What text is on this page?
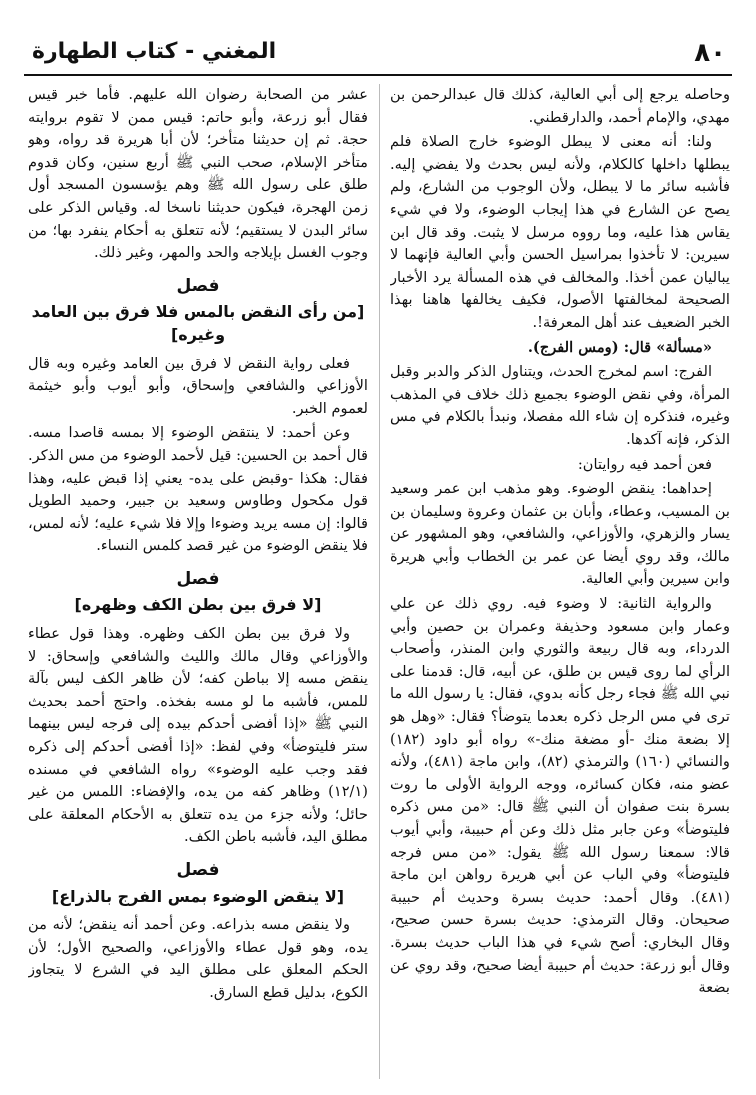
٨٠
المغني - كتاب الطهارة

وحاصله يرجع إلى أبي العالية، كذلك قال عبدالرحمن بن مهدي، والإمام أحمد، والدارقطني.

ولنا: أنه معنى لا يبطل الوضوء خارج الصلاة فلم يبطلها داخلها كالكلام، ولأنه ليس بحدث ولا يفضي إليه. فأشبه سائر ما لا يبطل، ولأن الوجوب من الشارع، ولم يصح عن الشارع في هذا إيجاب الوضوء، ولا في شيء يقاس هذا عليه، وما رووه مرسل لا يثبت. وقد قال ابن سيرين: لا تأخذوا بمراسيل الحسن وأبي العالية فإنهما لا يباليان عمن أخذا. والمخالف في هذه المسألة يرد الأخبار الصحيحة لمخالفتها الأصول، فكيف يخالفها هاهنا بهذا الخبر الضعيف عند أهل المعرفة!.

«مسألة» قال: (ومس الفرج).

الفرج: اسم لمخرج الحدث، ويتناول الذكر والدبر وقبل المرأة، وفي نقض الوضوء بجميع ذلك خلاف في المذهب وغيره، فنذكره إن شاء الله مفصلا، ونبدأ بالكلام في مس الذكر، فإنه آكدها.

فعن أحمد فيه روايتان:

إحداهما: ينقض الوضوء. وهو مذهب ابن عمر وسعيد بن المسيب، وعطاء، وأبان بن عثمان وعروة وسليمان بن يسار والزهري، والأوزاعي، والشافعي، وهو المشهور عن مالك، وقد روي أيضا عن عمر بن الخطاب وأبي هريرة وابن سيرين وأبي العالية.

والرواية الثانية: لا وضوء فيه. روي ذلك عن علي وعمار وابن مسعود وحذيفة وعمران بن حصين وأبي الدرداء، وبه قال ربيعة والثوري وابن المنذر، وأصحاب الرأي لما روى قيس بن طلق، عن أبيه، قال: قدمنا على نبي الله ﷺ فجاء رجل كأنه بدوي، فقال: يا رسول الله ما ترى في مس الرجل ذكره بعدما يتوضأ؟ فقال: «وهل هو إلا بضعة منك -أو مضغة منك-» رواه أبو داود (١٨٢) والنسائي (١٦٠) والترمذي (٨٢)، وابن ماجة (٤٨١)، ولأنه عضو منه، فكان كسائره، ووجه الرواية الأولى ما روت بسرة بنت صفوان أن النبي ﷺ قال: «من مس ذكره فليتوضأ» وعن جابر مثل ذلك وعن أم حبيبة، وأبي أيوب قالا: سمعنا رسول الله ﷺ يقول: «من مس فرجه فليتوضأ» وفي الباب عن أبي هريرة رواهن ابن ماجة (٤٨١). وقال أحمد: حديث بسرة وحديث أم حبيبة صحيحان. وقال الترمذي: حديث بسرة حسن صحيح، وقال البخاري: أصح شيء في هذا الباب حديث بسرة. وقال أبو زرعة: حديث أم حبيبة أيضا صحيح، وقد روي عن بضعة

عشر من الصحابة رضوان الله عليهم. فأما خبر قيس فقال أبو زرعة، وأبو حاتم: قيس ممن لا تقوم بروايته حجة. ثم إن حديثنا متأخر؛ لأن أبا هريرة قد رواه، وهو متأخر الإسلام، صحب النبي ﷺ أربع سنين، وكان قدوم طلق على رسول الله ﷺ وهم يؤسسون المسجد أول زمن الهجرة، فيكون حديثنا ناسخا له. وقياس الذكر على سائر البدن لا يستقيم؛ لأنه تتعلق به أحكام ينفرد بها؛ من وجوب الغسل بإيلاجه والحد والمهر، وغير ذلك.

فصل
[من رأى النقض بالمس فلا فرق بين العامد وغيره]

فعلى رواية النقض لا فرق بين العامد وغيره وبه قال الأوزاعي والشافعي وإسحاق، وأبو أيوب وأبو خيثمة لعموم الخبر.

وعن أحمد: لا ينتقض الوضوء إلا بمسه قاصدا مسه. قال أحمد بن الحسين: قيل لأحمد الوضوء من مس الذكر. فقال: هكذا -وقبض على يده- يعني إذا قبض عليه، وهذا قول مكحول وطاوس وسعيد بن جبير، وحميد الطويل قالوا: إن مسه يريد وضوءا وإلا فلا شيء عليه؛ لأنه لمس، فلا ينقض الوضوء من غير قصد كلمس النساء.

فصل
[لا فرق بين بطن الكف وظهره]

ولا فرق بين بطن الكف وظهره. وهذا قول عطاء والأوزاعي وقال مالك والليث والشافعي وإسحاق: لا ينقض مسه إلا بباطن كفه؛ لأن ظاهر الكف ليس بآلة للمس، فأشبه ما لو مسه بفخذه. واحتج أحمد بحديث النبي ﷺ «إذا أفضى أحدكم بيده إلى فرجه ليس بينهما ستر فليتوضأ» وفي لفظ: «إذا أفضى أحدكم إلى ذكره فقد وجب عليه الوضوء» رواه الشافعي في مسنده (١٢/١) وظاهر كفه من يده، والإفضاء: اللمس من غير حائل؛ ولأنه جزء من يده تتعلق به الأحكام المعلقة على مطلق اليد، فأشبه باطن الكف.

فصل
[لا ينقض الوضوء بمس الفرج بالذراع]

ولا ينقض مسه بذراعه. وعن أحمد أنه ينقض؛ لأنه من يده، وهو قول عطاء والأوزاعي، والصحيح الأول؛ لأن الحكم المعلق على مطلق اليد في الشرع لا يتجاوز الكوع، بدليل قطع السارق.
